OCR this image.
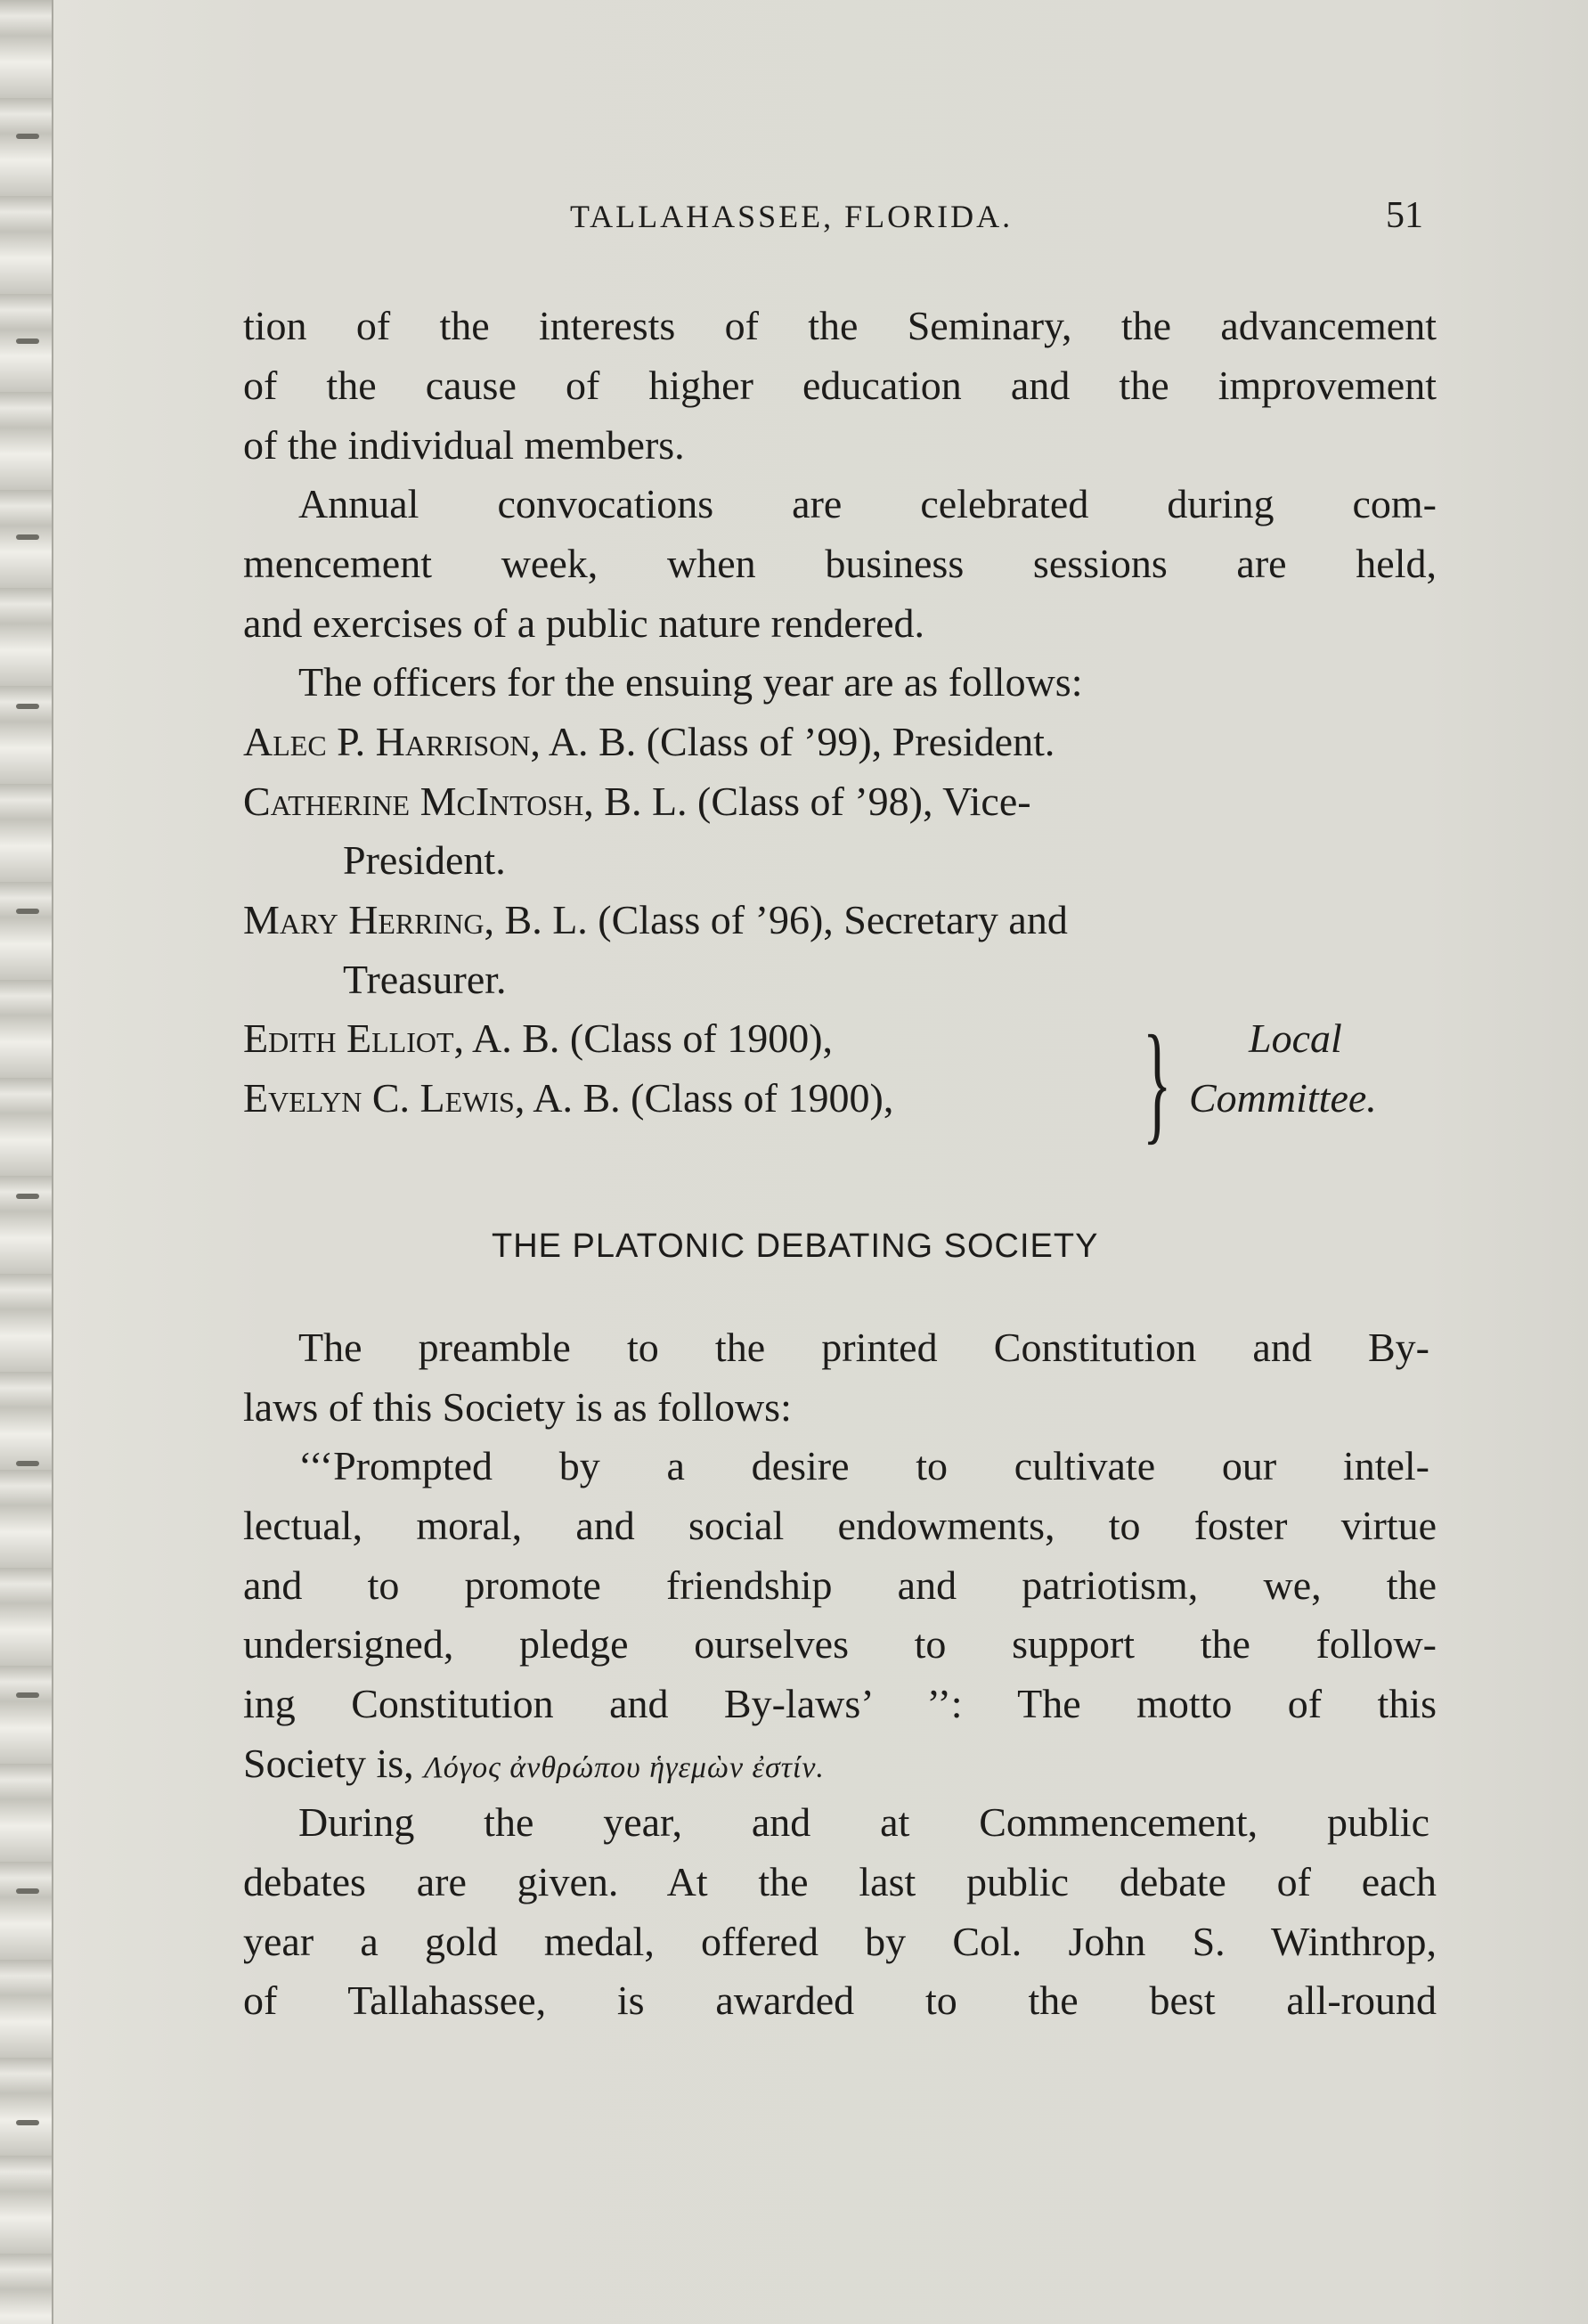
TALLAHASSEE, FLORIDA.	51
tion of the interests of the Seminary, the advancement
of the cause of higher education and the improvement
of the individual members.
Annual convocations are celebrated during com-
mencement week, when business sessions are held,
and exercises of a public nature rendered.
The officers for the ensuing year are as follows:
Alec P. Harrison, A. B. (Class of ’99), President.
Catherine McIntosh, B. L. (Class of ’98), Vice-
President.
Mary Herring, B. L. (Class of ’96), Secretary and
Treasurer.
Edith Elliot, A. B. (Class of 1900),
Evelyn C. Lewis, A. B. (Class of 1900), } Local
Committee.
THE PLATONIC DEBATING SOCIETY
The preamble to the printed Constitution and By-
laws of this Society is as follows:
‘‘‘Prompted by a desire to cultivate our intel-
lectual, moral, and social endowments, to foster virtue
and to promote friendship and patriotism, we, the
undersigned, pledge ourselves to support the follow-
ing Constitution and By-laws’ ’’: The motto of this
Society is, Λόγος ἀνθρώπου ἡγεμὼν ἐστίν.
During the year, and at Commencement, public
debates are given. At the last public debate of each
year a gold medal, offered by Col. John S. Winthrop,
of Tallahassee, is awarded to the best all-round
